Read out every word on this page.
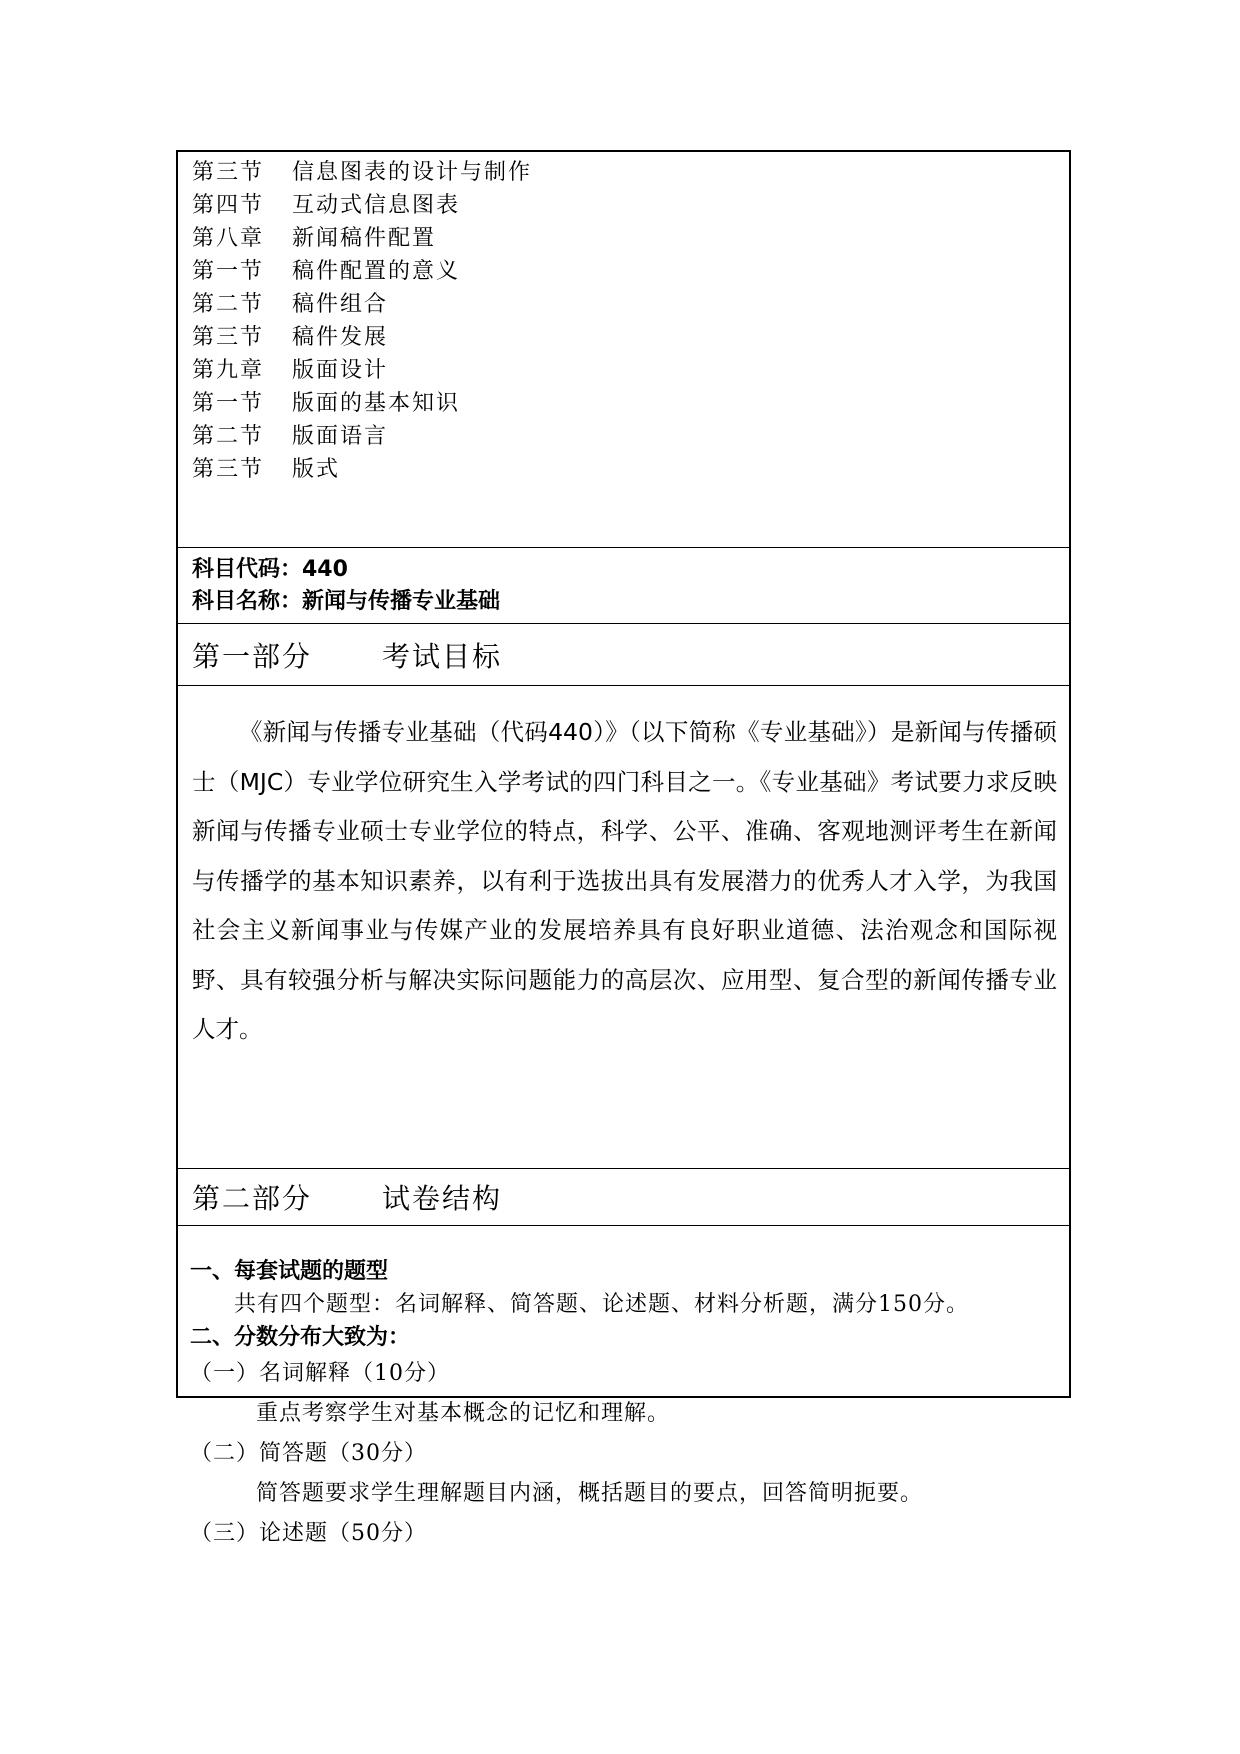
第三节	信息图表的设计与制作
第四节	互动式信息图表
第八章	新闻稿件配置
第一节	稿件配置的意义
第二节	稿件组合
第三节	稿件发展
第九章	版面设计
第一节	版面的基本知识
第二节	版面语言
第三节	版式
科目代码：440
科目名称：新闻与传播专业基础
第一部分	考试目标

《新闻与传播专业基础（代码440）》（以下简称《专业基础》）是新闻与传播硕士（MJC）专业学位研究生入学考试的四门科目之一。《专业基础》考试要力求反映新闻与传播专业硕士专业学位的特点，科学、公平、准确、客观地测评考生在新闻与传播学的基本知识素养，以有利于选拔出具有发展潜力的优秀人才入学，为我国社会主义新闻事业与传媒产业的发展培养具有良好职业道德、法治观念和国际视野、具有较强分析与解决实际问题能力的高层次、应用型、复合型的新闻传播专业人才。

第二部分	试卷结构
一、每套试题的题型

共有四个题型：名词解释、简答题、论述题、材料分析题，满分150分。

二、分数分布大致为：
（一）名词解释（10分）
重点考察学生对基本概念的记忆和理解。
（二）简答题（30分）
简答题要求学生理解题目内涵，概括题目的要点，回答简明扼要。
（三）论述题（50分）
